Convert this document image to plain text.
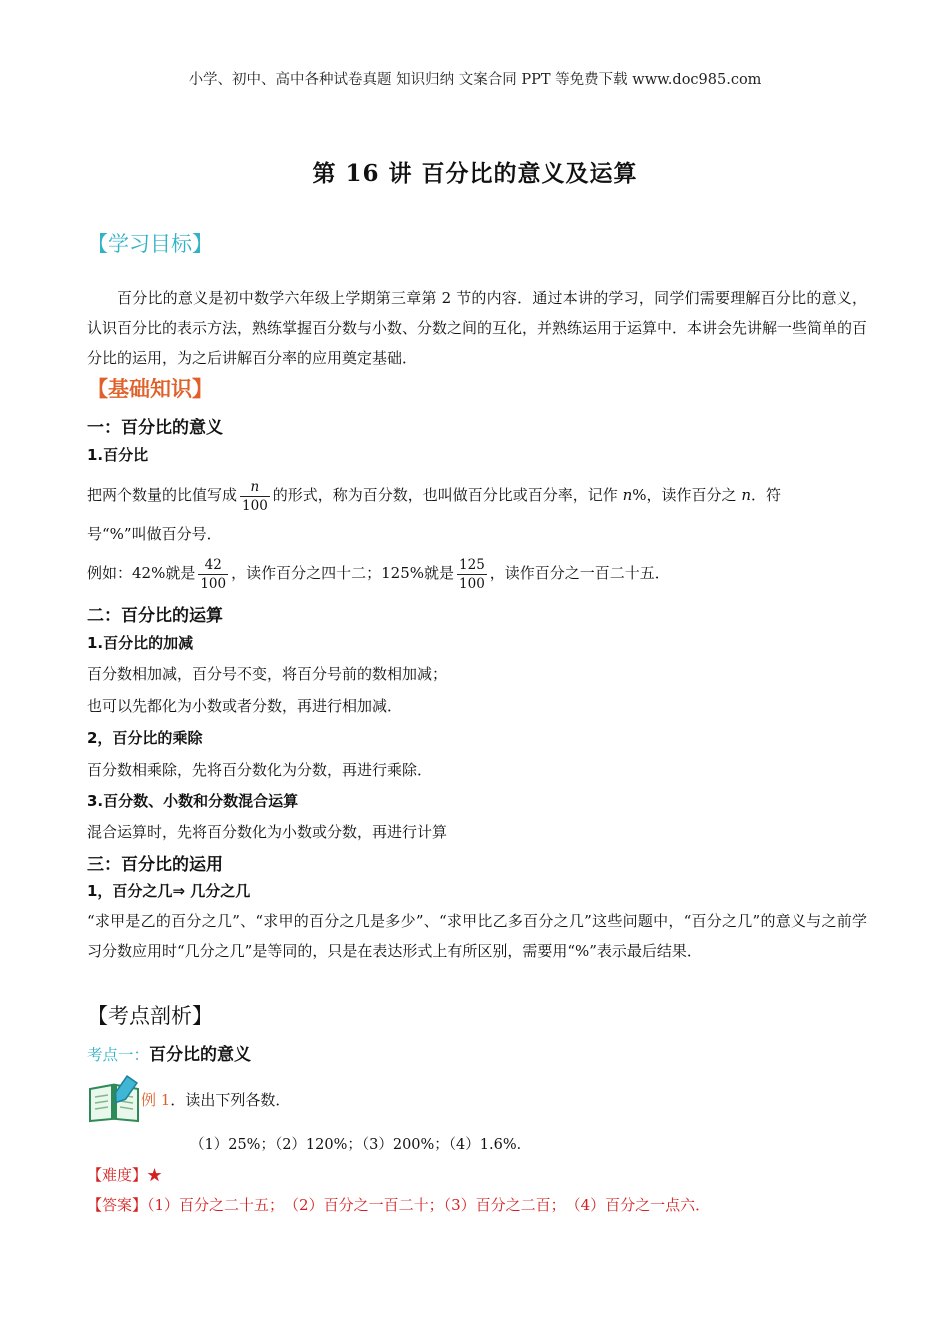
小学、初中、高中各种试卷真题 知识归纳 文案合同 PPT 等免费下载 www.doc985.com
第 16 讲 百分比的意义及运算
【学习目标】
百分比的意义是初中数学六年级上学期第三章第 2 节的内容．通过本讲的学习，同学们需要理解百分比的意义，认识百分比的表示方法，熟练掌握百分数与小数、分数之间的互化，并熟练运用于运算中．本讲会先讲解一些简单的百分比的运用，为之后讲解百分率的应用奠定基础．
【基础知识】
一：百分比的意义
1.百分比
把两个数量的比值写成 $\frac{n}{100}$ 的形式，称为百分数，也叫做百分比或百分率，记作 n%，读作百分之 n．符
号“%”叫做百分号．
例如：42%就是 $\frac{42}{100}$ ，读作百分之四十二；125%就是 $\frac{125}{100}$ ，读作百分之一百二十五．
二：百分比的运算
1.百分比的加减
百分数相加减，百分号不变，将百分号前的数相加减；
也可以先都化为小数或者分数，再进行相加减．
2，百分比的乘除
百分数相乘除，先将百分数化为分数，再进行乘除．
3.百分数、小数和分数混合运算
混合运算时，先将百分数化为小数或分数，再进行计算
三：百分比的运用
1，百分之几⇒ 几分之几
“求甲是乙的百分之几”、“求甲的百分之几是多少”、“求甲比乙多百分之几”这些问题中，“百分之几”的意义与之前学习分数应用时“几分之几”是等同的，只是在表达形式上有所区别，需要用“%”表示最后结果．
【考点剖析】
考点一：百分比的意义
例 1．读出下列各数．
（1）25%；（2）120%；（3）200%；（4）1.6%．
【难度】★
【答案】（1）百分之二十五；　（2）百分之一百二十；（3）百分之二百；　（4）百分之一点六．
